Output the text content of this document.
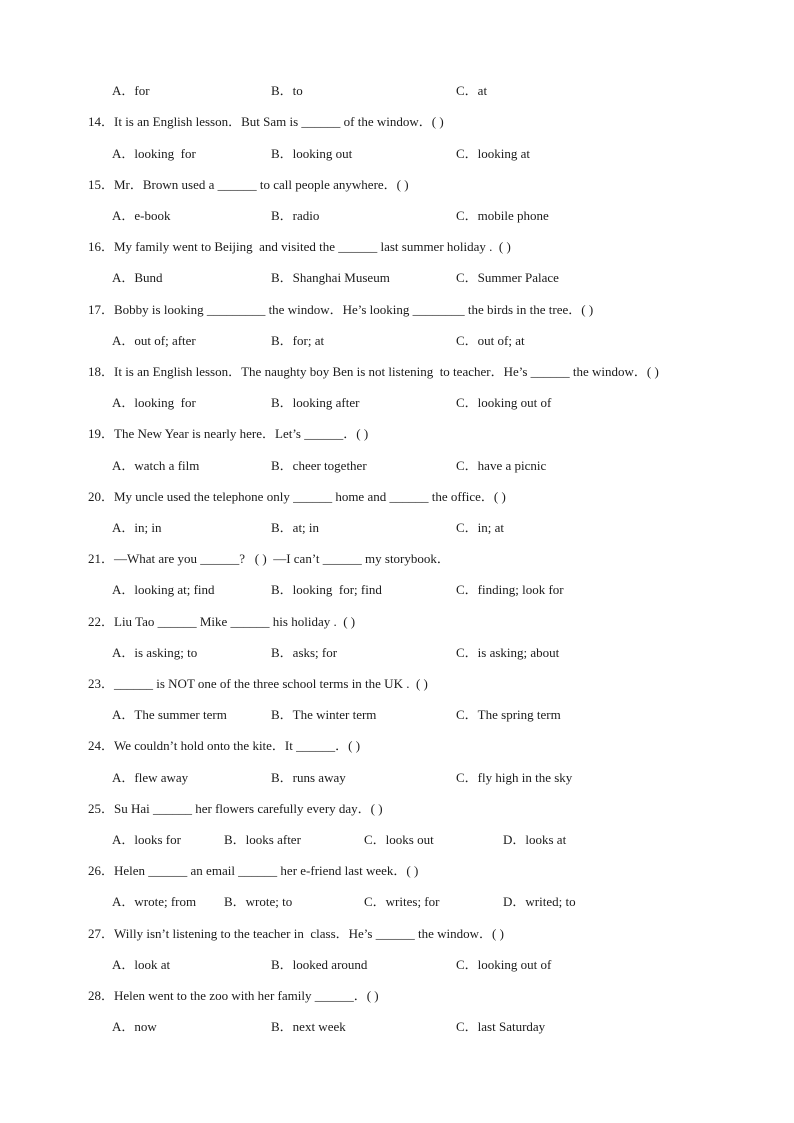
A．for	B．to	C．at
14．It is an English lesson．But Sam is ______ of the window．( )
A．looking  for	B．looking out	C．looking at
15．Mr．Brown used a ______ to call people anywhere．( )
A．e-book	B．radio	C．mobile phone
16．My family went to Beijing  and visited the ______ last summer holiday .  ( )
A．Bund	B．Shanghai Museum	C．Summer Palace
17．Bobby is looking _________ the window．He’s looking ________ the birds in the tree．( )
A．out of; after	B．for; at	C．out of; at
18．It is an English lesson．The naughty boy Ben is not listening  to teacher．He’s ______ the window．( )
A．looking  for	B．looking after	C．looking out of
19．The New Year is nearly here．Let’s ______．( )
A．watch a film	B．cheer together	C．have a picnic
20．My uncle used the telephone only ______ home and ______ the office．( )
A．in; in	B．at; in	C．in; at
21．—What are you ______?   ( )  —I can’t ______ my storybook．
A．looking at; find	B．looking  for; find	C．finding; look for
22．Liu Tao ______ Mike ______ his holiday .  ( )
A．is asking; to	B．asks; for	C．is asking; about
23．______ is NOT one of the three school terms in the UK .  ( )
A．The summer term	B．The winter term	C．The spring term
24．We couldn’t hold onto the kite．It ______．( )
A．flew away	B．runs away	C．fly high in the sky
25．Su Hai ______ her flowers carefully every day．( )
A．looks for	B．looks after	C．looks out	D．looks at
26．Helen ______ an email ______ her e-friend last week．( )
A．wrote; from B．wrote; to	C．writes; for	D．writed; to
27．Willy isn’t listening to the teacher in  class．He’s ______ the window．( )
A．look at	B．looked around	C．looking out of
28．Helen went to the zoo with her family ______．( )
A．now	B．next week	C．last Saturday
